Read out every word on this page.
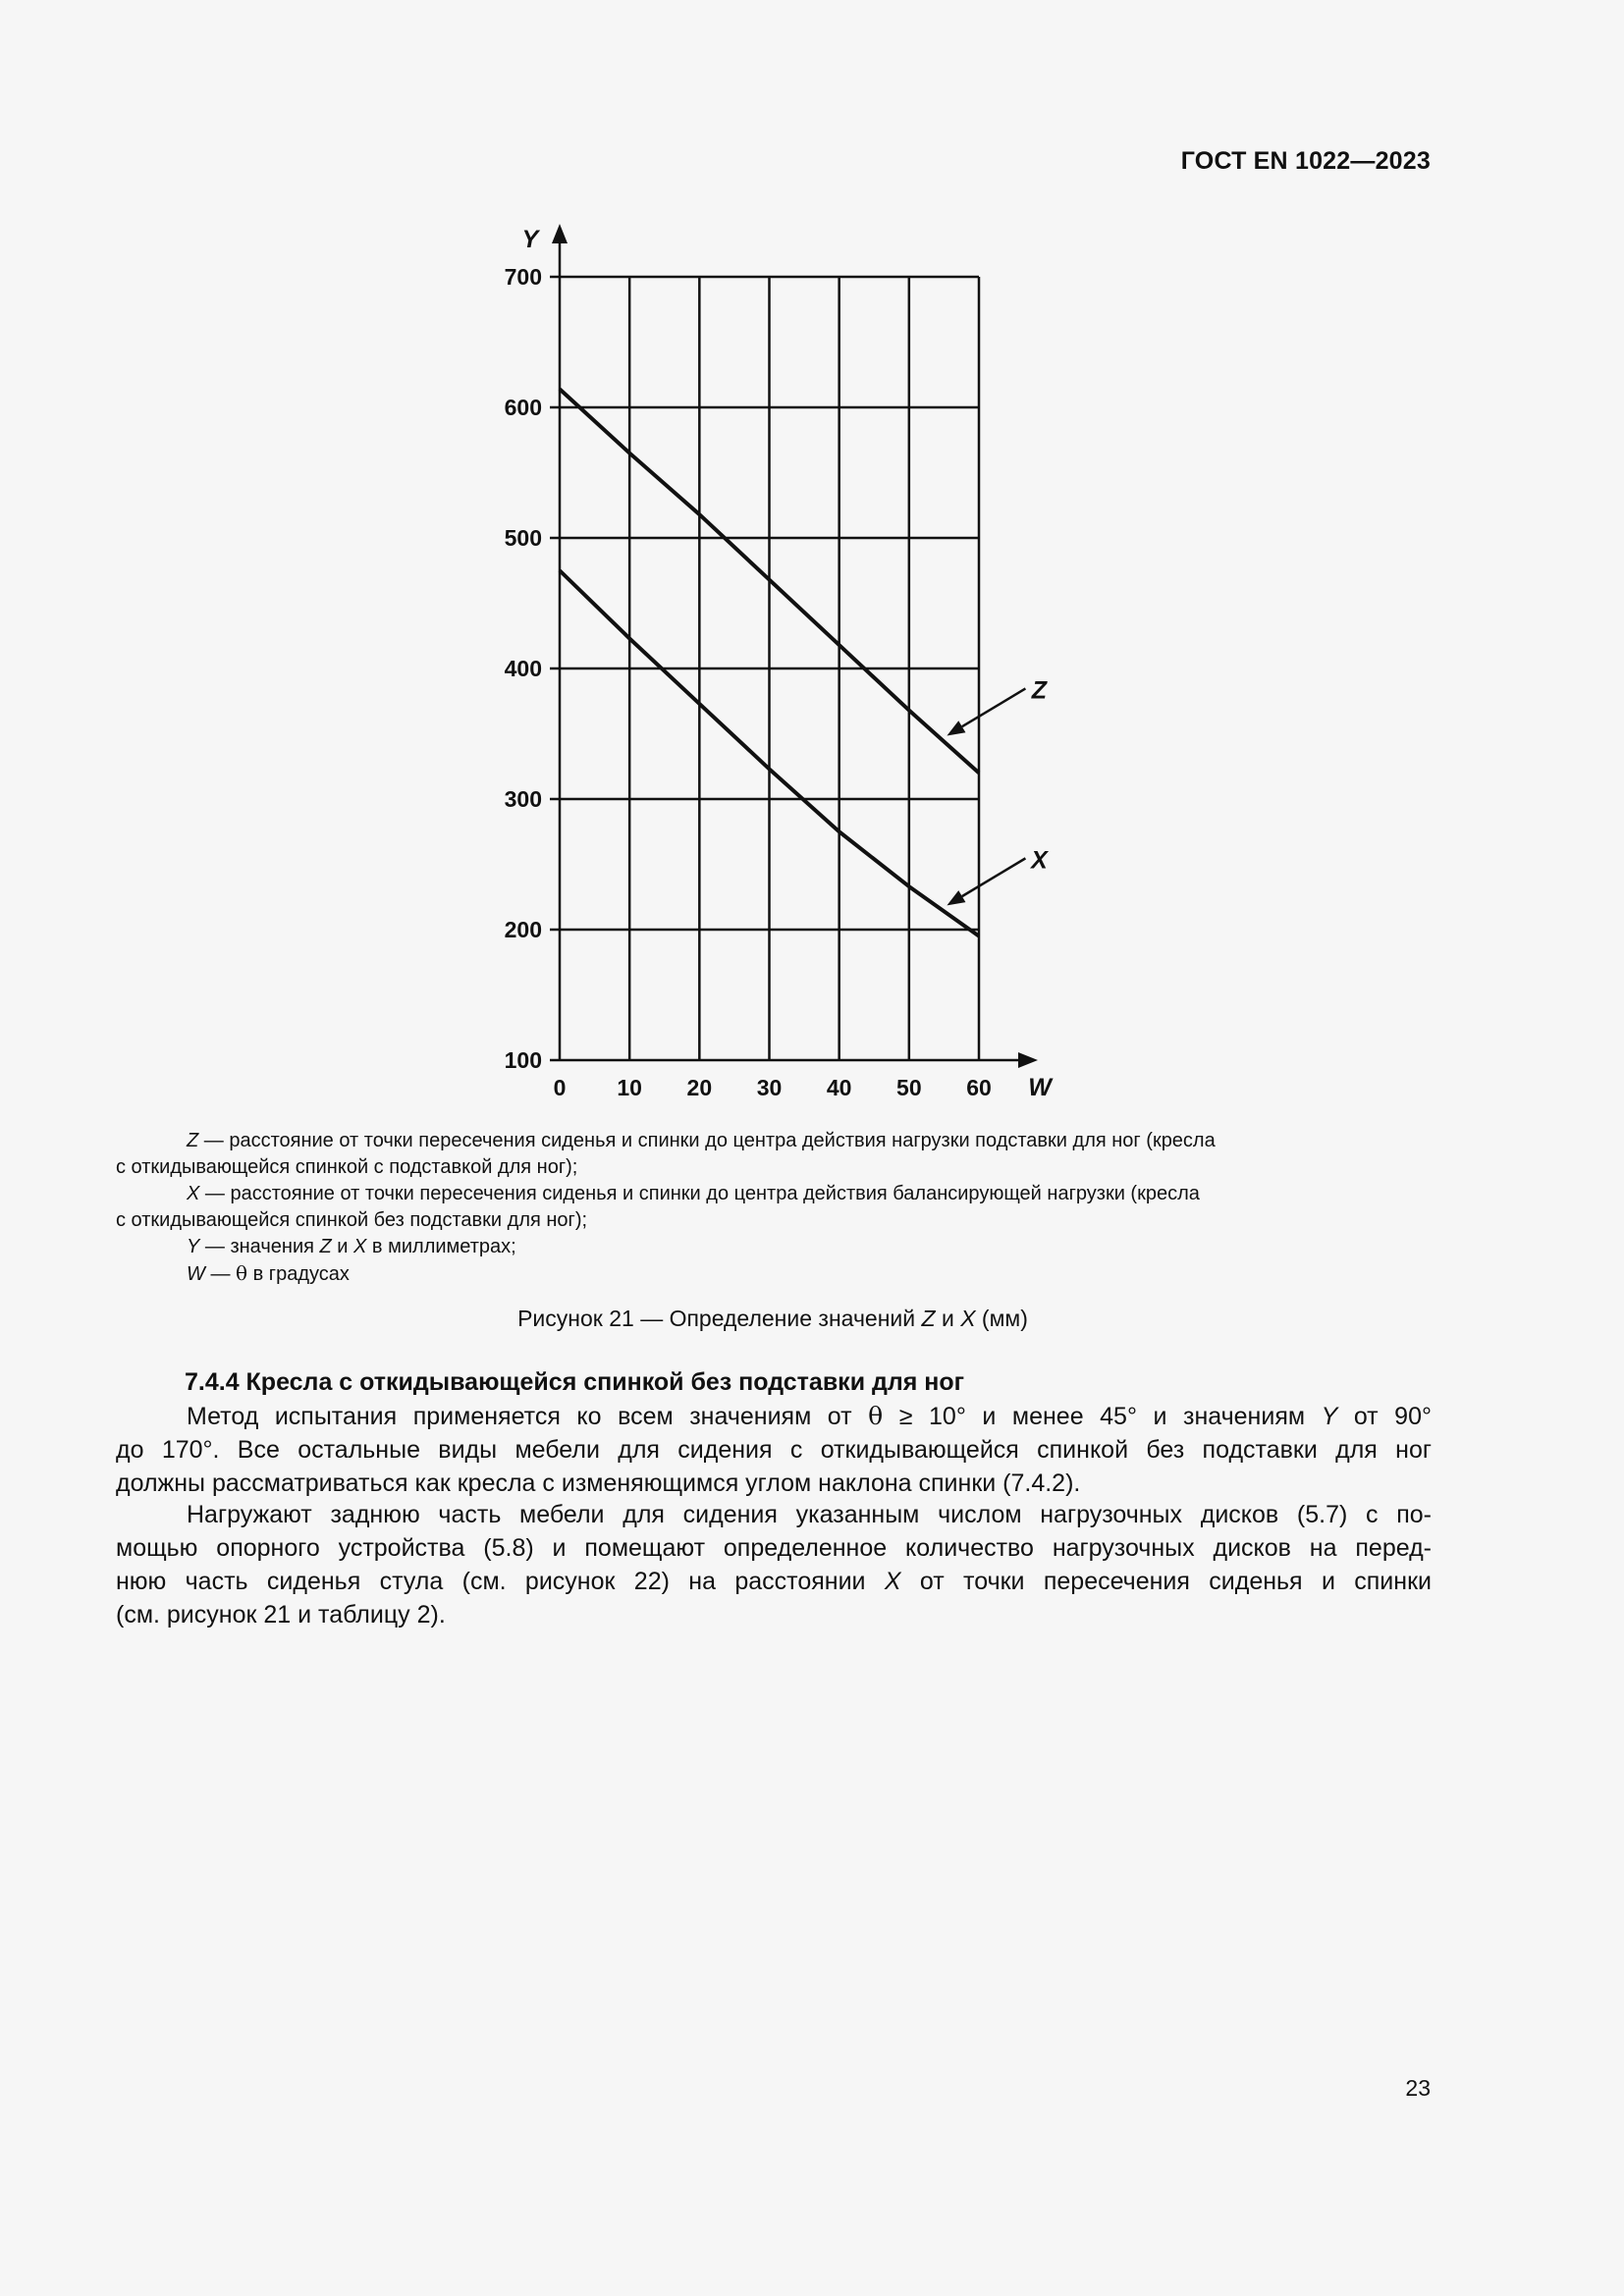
ГОСТ EN 1022—2023
100
200
300
400
500
600
700
0 10 20 30 40 50 60
Y
W
Z
X
Z — расстояние от точки пересечения сиденья и спинки до центра действия нагрузки подставки для ног (кресла
с откидывающейся спинкой с подставкой для ног);
X — расстояние от точки пересечения сиденья и спинки до центра действия балансирующей нагрузки (кресла
с откидывающейся спинкой без подставки для ног);
Y — значения Z и X в миллиметрах;
W — θ в градусах
Рисунок 21 — Определение значений Z и X (мм)
7.4.4 Кресла с откидывающейся спинкой без подставки для ног
Метод испытания применяется ко всем значениям от θ ≥ 10° и менее 45° и значениям Y от 90°
до 170°. Все остальные виды мебели для сидения с откидывающейся спинкой без подставки для ног
должны рассматриваться как кресла с изменяющимся углом наклона спинки (7.4.2).
Нагружают заднюю часть мебели для сидения указанным числом нагрузочных дисков (5.7) с по-
мощью опорного устройства (5.8) и помещают определенное количество нагрузочных дисков на перед-
нюю часть сиденья стула (см. рисунок 22) на расстоянии X от точки пересечения сиденья и спинки
(см. рисунок 21 и таблицу 2).
23
